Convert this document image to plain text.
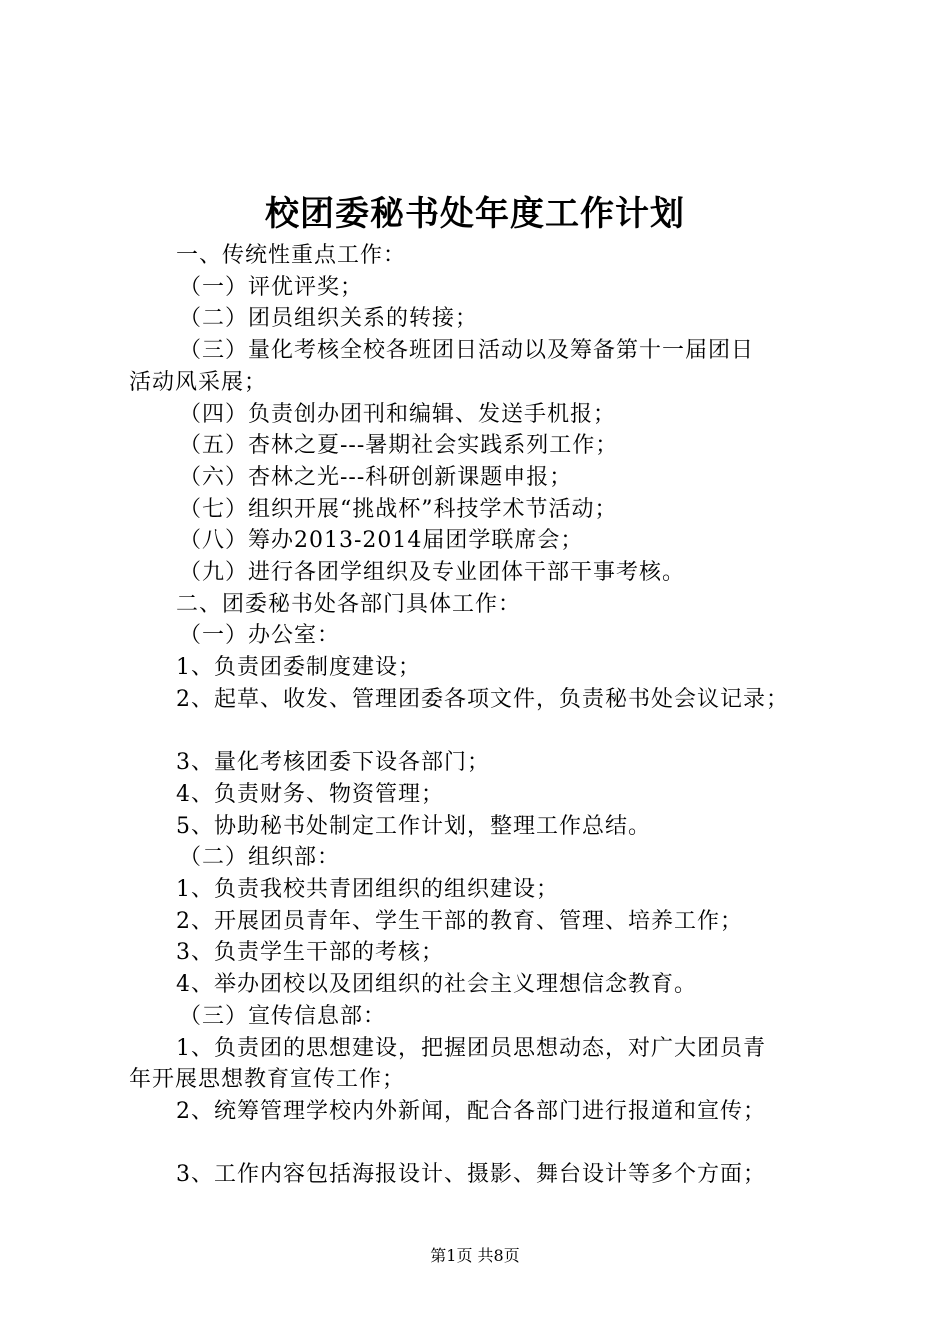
校团委秘书处年度工作计划

一、传统性重点工作：

（一）评优评奖；

（二）团员组织关系的转接；

（三）量化考核全校各班团日活动以及筹备第十一届团日

活动风采展；

（四）负责创办团刊和编辑、发送手机报；

（五）杏林之夏---暑期社会实践系列工作；

（六）杏林之光---科研创新课题申报；

（七）组织开展“挑战杯”科技学术节活动；

（八）筹办2013-2014届团学联席会；

（九）进行各团学组织及专业团体干部干事考核。

二、团委秘书处各部门具体工作：

（一）办公室：

1、负责团委制度建设；

2、起草、收发、管理团委各项文件，负责秘书处会议记录；

3、量化考核团委下设各部门；

4、负责财务、物资管理；

5、协助秘书处制定工作计划，整理工作总结。

（二）组织部：

1、负责我校共青团组织的组织建设；

2、开展团员青年、学生干部的教育、管理、培养工作；

3、负责学生干部的考核；

4、举办团校以及团组织的社会主义理想信念教育。

（三）宣传信息部：

1、负责团的思想建设，把握团员思想动态，对广大团员青

年开展思想教育宣传工作；

2、统筹管理学校内外新闻，配合各部门进行报道和宣传；

3、工作内容包括海报设计、摄影、舞台设计等多个方面；

第1页 共8页
